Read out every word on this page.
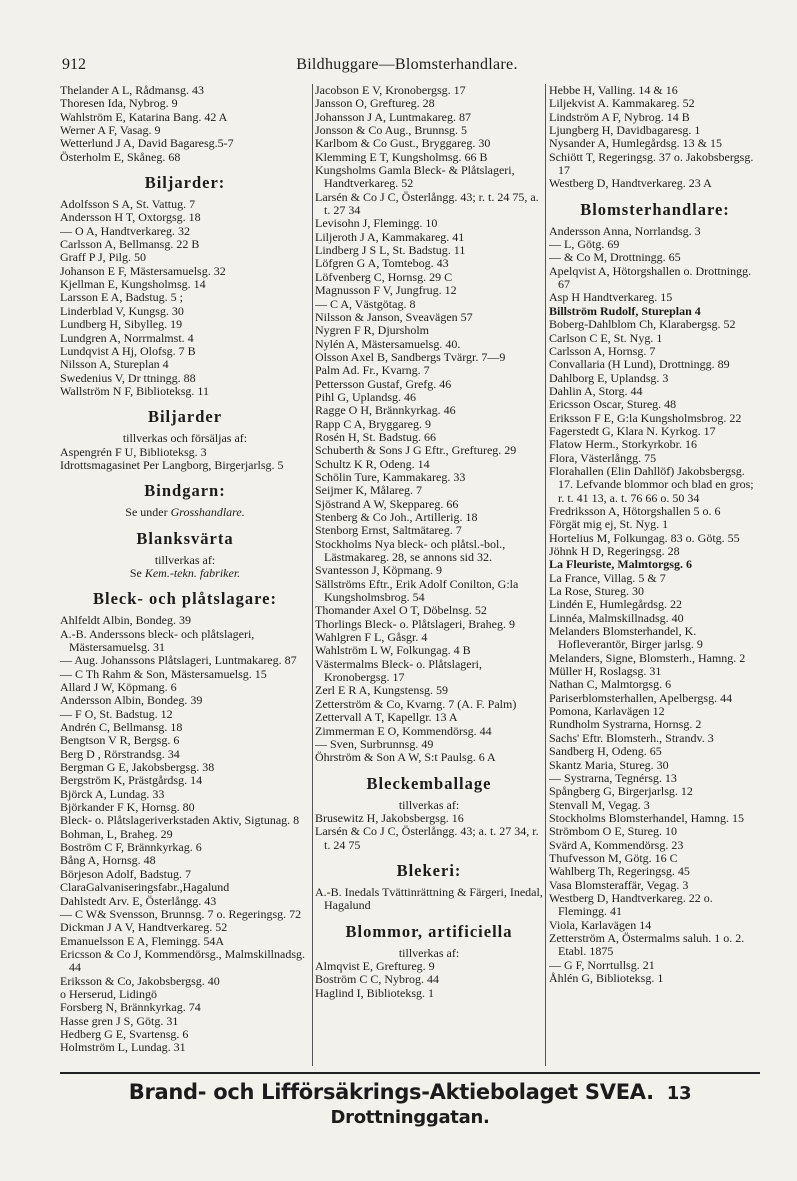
912	Bildhuggare—Blomsterhandlare.
Thelander A L, Rådmansg. 43
Thoresen Ida, Nybrog. 9
Wahlström E, Katarina Bang. 42 A
Werner A F, Vasag. 9
Wetterlund J A, David Bagaresg.5-7
Österholm E, Skåneg. 68
Biljarder:
Adolfsson S A, St. Vattug. 7
Andersson H T, Oxtorgsg. 18
— O A, Handtverkareg. 32
Carlsson A, Bellmansg. 22 B
Graff P J, Pilg. 50
Johanson E F, Mästersamuelsg. 32
Kjellman E, Kungsholmsg. 14
Larsson E A, Badstug. 5 ;
Linderblad V, Kungsg. 30
Lundberg H, Sibylleg. 19
Lundgren A, Norrmalmst. 4
Lundqvist A Hj, Olofsg. 7 B
Nilsson A, Stureplan 4
Swedenius V, Dr ttningg. 88
Wallström N F, Biblioteksg. 11
Biljarder
tillverkas och försäljas af:
Aspengrén F U, Biblioteksg. 3
Idrottsmagasinet Per Langborg, Birgerjarlsg. 5
Bindgarn:
Se under Grosshandlare.
Blanksvärta
tillverkas af:
Se Kem.-tekn. fabriker.
Bleck- och plåtslagare:
Ahlfeldt Albin, Bondeg. 39
A.-B. Anderssons bleck- och plåtslageri, Mästersamuelsg. 31
— Aug. Johanssons Plåtslageri, Luntmakareg. 87
— C Th Rahm & Son, Mästersamuelsg. 15
Allard J W, Köpmang. 6
Andersson Albin, Bondeg. 39
— F O, St. Badstug. 12
Andrén C, Bellmansg. 18
Bengtson V R, Bergsg. 6
Berg D , Rörstrandsg. 34
Bergman G E, Jakobsbergsg. 38
Bergström K, Prästgårdsg. 14
Björck A, Lundag. 33
Björkander F K, Hornsg. 80
Bleck- o. Plåtslageriverkstaden Aktiv, Sigtunag. 8
Bohman, L, Braheg. 29
Boström C F, Brännkyrkag. 6
Bång A, Hornsg. 48
Börjeson Adolf, Badstug. 7
ClaraGalvaniseringsfabr.,Hagalund
Dahlstedt Arv. E, Österlångg. 43
— C W& Svensson, Brunnsg. 7 o. Regeringsg. 72
Dickman J A V, Handtverkareg. 52
Emanuelsson E A, Flemingg. 54A
Ericsson & Co J, Kommendörsg., Malmskillnadsg. 44
Eriksson & Co, Jakobsbergsg. 40
o Herserud, Lidingö
Forsberg N, Brännkyrkag. 74
Hasse gren J S, Götg. 31
Hedberg G E, Svartensg. 6
Holmström L, Lundag. 31
Jacobson E V, Kronobergsg. 17
Jansson O, Greftureg. 28
Johansson J A, Luntmakareg. 87
Jonsson & Co Aug., Brunnsg. 5
Karlbom & Co Gust., Bryggareg. 30
Klemming E T, Kungsholmsg. 66 B
Kungsholms Gamla Bleck- & Plåtslageri, Handtverkareg. 52
Larsén & Co J C, Österlångg. 43; r. t. 24 75, a. t. 27 34
Levisohn J, Flemingg. 10
Liljeroth J A, Kammakareg. 41
Lindberg J S L, St. Badstug. 11
Löfgren G A, Tomtebog. 43
Löfvenberg C, Hornsg. 29 C
Magnusson F V, Jungfrug. 12
— C A, Västgötag. 8
Nilsson & Janson, Sveavägen 57
Nygren F R, Djursholm
Nylén A, Mästersamuelsg. 40.
Olsson Axel B, Sandbergs Tvärgr. 7—9
Palm Ad. Fr., Kvarng. 7
Pettersson Gustaf, Grefg. 46
Pihl G, Uplandsg. 46
Ragge O H, Brännkyrkag. 46
Rapp C A, Bryggareg. 9
Rosén H, St. Badstug. 66
Schuberth & Sons J G Eftr., Greftureg. 29
Schultz K R, Odeng. 14
Schölin Ture, Kammakareg. 33
Seijmer K, Målareg. 7
Sjöstrand A W, Skeppareg. 66
Stenberg & Co Joh., Artillerig. 18
Stenborg Ernst, Saltmätareg. 7
Stockholms Nya bleck- och plåtsl.-bol., Lästmakareg. 28, se annons sid 32.
Svantesson J, Köpmang. 9
Sällströms Eftr., Erik Adolf Conilton, G:la Kungsholmsbrog. 54
Thomander Axel O T, Döbelnsg. 52
Thorlings Bleck- o. Plåtslageri, Braheg. 9
Wahlgren F L, Gåsgr. 4
Wahlström L W, Folkungag. 4 B
Västermalms Bleck- o. Plåtslageri, Kronobergsg. 17
Zerl E R A, Kungstensg. 59
Zetterström & Co, Kvarng. 7 (A. F. Palm)
Zettervall A T, Kapellgr. 13 A
Zimmerman E O, Kommendörsg. 44
— Sven, Surbrunnsg. 49
Öhrström & Son A W, S:t Paulsg. 6 A
Bleckemballage
tillverkas af:
Brusewitz H, Jakobsbergsg. 16
Larsén & Co J C, Österlångg. 43; a. t. 27 34, r. t. 24 75
Blekeri:
A.-B. Inedals Tvättinrättning & Färgeri, Inedal, Hagalund
Blommor, artificiella
tillverkas af:
Almqvist E, Greftureg. 9
Boström C C, Nybrog. 44
Haglind I, Biblioteksg. 1
Hebbe H, Valling. 14 & 16
Liljekvist A. Kammakareg. 52
Lindström A F, Nybrog. 14 B
Ljungberg H, Davidbagaresg. 1
Nysander A, Humlegårdsg. 13 & 15
Schiött T, Regeringsg. 37 o. Jakobsbergsg. 17
Westberg D, Handtverkareg. 23 A
Blomsterhandlare:
Andersson Anna, Norrlandsg. 3
— L, Götg. 69
— & Co M, Drottningg. 65
Apelqvist A, Hötorgshallen o. Drottningg. 67
Asp H Handtverkareg. 15
Billström Rudolf, Stureplan 4
Boberg-Dahlblom Ch, Klarabergsg. 52
Carlson C E, St. Nyg. 1
Carlsson A, Hornsg. 7
Convallaria (H Lund), Drottningg. 89
Dahlborg E, Uplandsg. 3
Dahlin A, Storg. 44
Ericsson Oscar, Stureg. 48
Eriksson F E, G:la Kungsholmsbrog. 22
Fagerstedt G, Klara N. Kyrkog. 17
Flatow Herm., Storkyrkobr. 16
Flora, Västerlångg. 75
Florahallen (Elin Dahllöf) Jakobsbergsg. 17. Lefvande blommor och blad en gros; r. t. 41 13, a. t. 76 66 o. 50 34
Fredriksson A, Hötorgshallen 5 o. 6
Förgät mig ej, St. Nyg. 1
Hortelius M, Folkungag. 83 o. Götg. 55
Jöhnk H D, Regeringsg. 28
La Fleuriste, Malmtorgsg. 6
La France, Villag. 5 & 7
La Rose, Stureg. 30
Lindén E, Humlegårdsg. 22
Linnéa, Malmskillnadsg. 40
Melanders Blomsterhandel, K. Hofleverantör, Birger jarlsg. 9
Melanders, Signe, Blomsterh., Hamng. 2
Müller H, Roslagsg. 31
Nathan C, Malmtorgsg. 6
Pariserblomsterhallen, Apelbergsg. 44
Pomona, Karlavägen 12
Rundholm Systrarna, Hornsg. 2
Sachs' Eftr. Blomsterh., Strandv. 3
Sandberg H, Odeng. 65
Skantz Maria, Stureg. 30
— Systrarna, Tegnérsg. 13
Spångberg G, Birgerjarlsg. 12
Stenvall M, Vegag. 3
Stockholms Blomsterhandel, Hamng. 15
Strömbom O E, Stureg. 10
Svärd A, Kommendörsg. 23
Thufvesson M, Götg. 16 C
Wahlberg Th, Regeringsg. 45
Vasa Blomsteraffär, Vegag. 3
Westberg D, Handtverkareg. 22 o. Flemingg. 41
Viola, Karlavägen 14
Zetterström A, Östermalms saluh. 1 o. 2. Etabl. 1875
— G F, Norrtullsg. 21
Åhlén G, Biblioteksg. 1
Brand- och Lifförsäkrings-Aktiebolaget SVEA. 13 Drottninggatan.
